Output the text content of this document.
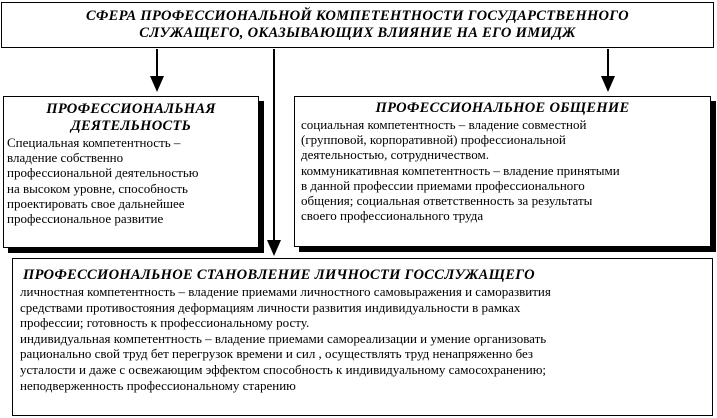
СФЕРА ПРОФЕССИОНАЛЬНОЙ КОМПЕТЕНТНОСТИ ГОСУДАРСТВЕННОГО
СЛУЖАЩЕГО, ОКАЗЫВАЮЩИХ ВЛИЯНИЕ НА ЕГО ИМИДЖ
ПРОФЕССИОНАЛЬНАЯ
ДЕЯТЕЛЬНОСТЬ
Специальная компетентность –
владение собственно
профессиональной деятельностью
на высоком уровне, способность
проектировать свое дальнейшее
профессиональное развитие
ПРОФЕССИОНАЛЬНОЕ ОБЩЕНИЕ
социальная компетентность – владение совместной
(групповой, корпоративной) профессиональной
деятельностью, сотрудничеством.
коммуникативная компетентность – владение принятыми
в данной профессии приемами профессионального
общения; социальная ответственность за результаты
своего профессионального труда
ПРОФЕССИОНАЛЬНОЕ СТАНОВЛЕНИЕ ЛИЧНОСТИ ГОССЛУЖАЩЕГО
личностная компетентность – владение приемами личностного самовыражения и саморазвития
средствами противостояния деформациям личности развития индивидуальности в рамках
профессии; готовность к профессиональному росту.
индивидуальная компетентность – владение приемами самореализации и умение организовать
рационально свой труд бет перегрузок времени и сил , осуществлять труд ненапряженно без
усталости и даже с освежающим эффектом способность к индивидуальному самосохранению;
неподверженность профессиональному старению
